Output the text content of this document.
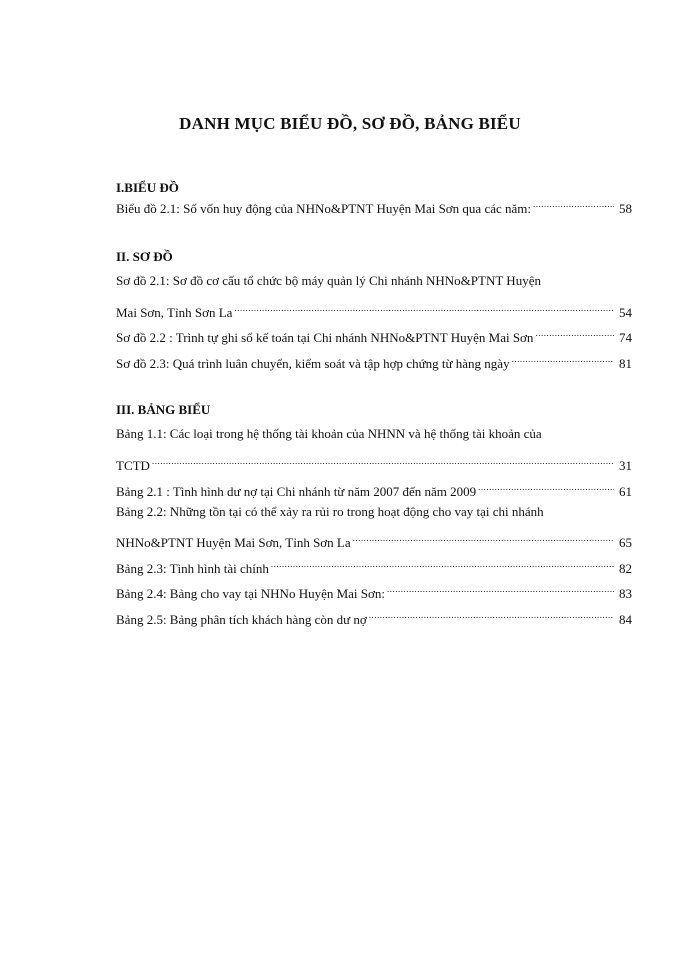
DANH MỤC BIỂU ĐỒ, SƠ ĐỒ, BẢNG BIỂU
I.BIỂU ĐỒ
Biểu đồ 2.1: Số vốn huy động của NHNo&PTNT Huyện Mai Sơn qua các năm: .....	58
II. SƠ ĐỒ
Sơ đồ 2.1: Sơ đồ cơ cấu tổ chức bộ máy quản lý Chi nhánh NHNo&PTNT Huyện
Mai Sơn, Tỉnh Sơn La .....	54
Sơ đồ 2.2 : Trình tự ghi sổ kế toán tại Chi nhánh NHNo&PTNT Huyện Mai Sơn .....	74
Sơ đồ 2.3: Quá trình luân chuyển, kiểm soát và tập hợp chứng từ hàng ngày .....	81
III. BẢNG BIỂU
Bảng 1.1: Các loại trong hệ thống tài khoản của NHNN và hệ thống tài khoản của
TCTD .....	31
Bảng 2.1 : Tình hình dư nợ tại Chi nhánh từ năm 2007 đến năm 2009 .....	61
Bảng 2.2: Những tồn tại có thể xảy ra rủi ro trong hoạt động cho vay tại chi nhánh
NHNo&PTNT Huyện Mai Sơn, Tỉnh Sơn La .....	65
Bảng 2.3: Tình hình tài chính .....	82
Bảng 2.4: Bảng cho vay tại NHNo Huyện Mai Sơn: .....	83
Bảng 2.5: Bảng phân tích khách hàng còn dư nợ .....	84
